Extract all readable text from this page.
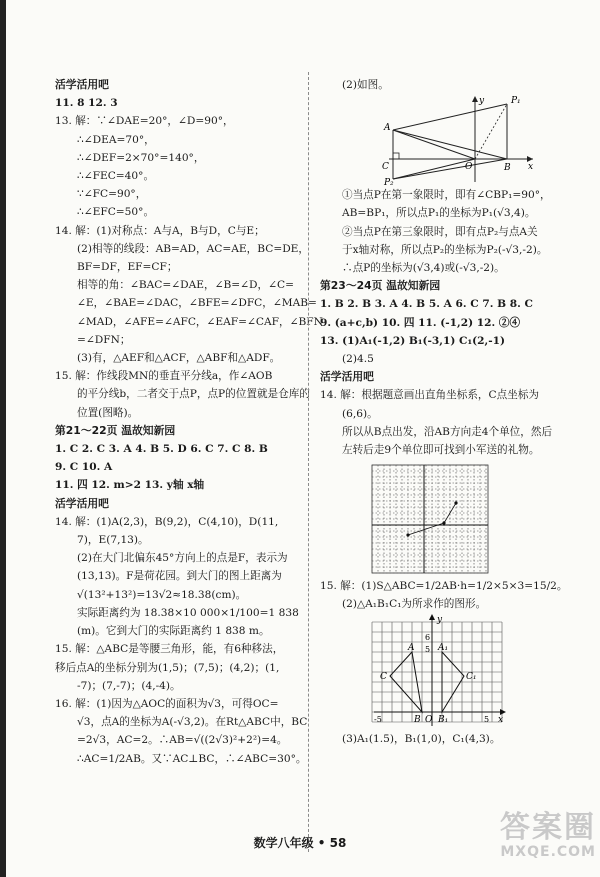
活学活用吧
11. 8 12. 3
13. 解：∵∠DAE=20°，∠D=90°，
∴∠DEA=70°，
∴∠DEF=2×70°=140°，
∴∠FEC=40°。
∵∠FC=90°，
∴∠EFC=50°。
14. 解：(1)对称点：A与A，B与D，C与E；
(2)相等的线段：AB=AD，AC=AE，BC=DE，
BF=DF，EF=CF；
相等的角：∠BAC=∠DAE，∠B=∠D，∠C=
∠E，∠BAE=∠DAC，∠BFE=∠DFC，∠MAB=
∠MAD，∠AFE=∠AFC，∠EAF=∠CAF，∠BFN
=∠DFN；
(3)有，△AEF和△ACF，△ABF和△ADF。
15. 解：作线段MN的垂直平分线a，作∠AOB
的平分线b，二者交于点P，点P的位置就是仓库的
位置(图略)。
第21～22页 温故知新园
1. C 2. C 3. A 4. B 5. D 6. C 7. C 8. B
9. C 10. A
11. 四 12. m>2 13. y轴 x轴
活学活用吧
14. 解：(1)A(2,3)，B(9,2)，C(4,10)，D(11,
7)，E(7,13)。
(2)在大门北偏东45°方向上的点是F，表示为
(13,13)。F是荷花园。到大门的图上距离为
√(13²+13²)=13√2≈18.38(cm)。
实际距离约为 18.38×10 000×1/100=1 838
(m)。它到大门的实际距离约 1 838 m。
15. 解：△ABC是等腰三角形，能，有6种移法，
移后点A的坐标分别为(1,5)；(7,5)；(4,2)；(1,
-7)；(7,-7)；(4,-4)。
16. 解：(1)因为△AOC的面积为√3，可得OC=
√3，点A的坐标为A(-√3,2)。在Rt△ABC中，BC
=2√3，AC=2。∴AB=√((2√3)²+2²)=4。
∴AC=1/2AB。又∵AC⊥BC，∴∠ABC=30°。
(2)如图。
A
P₁
y
C	O	B x
P₂
①当点P在第一象限时，即有∠CBP₁=90°，
AB=BP₁，所以点P₁的坐标为P₁(√3,4)。
②当点P在第三象限时，即有点P₂与点A关
于x轴对称，所以点P₂的坐标为P₂(-√3,-2)。
∴点P的坐标为(√3,4)或(-√3,-2)。
第23～24页 温故知新园
1. B 2. B 3. A 4. B 5. A 6. C 7. B 8. C
9. (a+c,b) 10. 四 11. (-1,2) 12. ②④
13. (1)A₁(-1,2) B₁(-3,1) C₁(2,-1)
(2)4.5
活学活用吧
14. 解：根据题意画出直角坐标系，C点坐标为
(6,6)。
所以从B点出发，沿AB方向走4个单位，然后
左转后走9个单位即可找到小军送的礼物。
15. 解：(1)S△ABC=1/2AB·h=1/2×5×3=15/2。
(2)△A₁B₁C₁为所求作的图形。
y
6
5
A	A₁
C	C₁
-5	B O B₁	5 x
(3)A₁(1.5)，B₁(1,0)，C₁(4,3)。
数学八年级 • 58	答案圈
MXQE.COM
